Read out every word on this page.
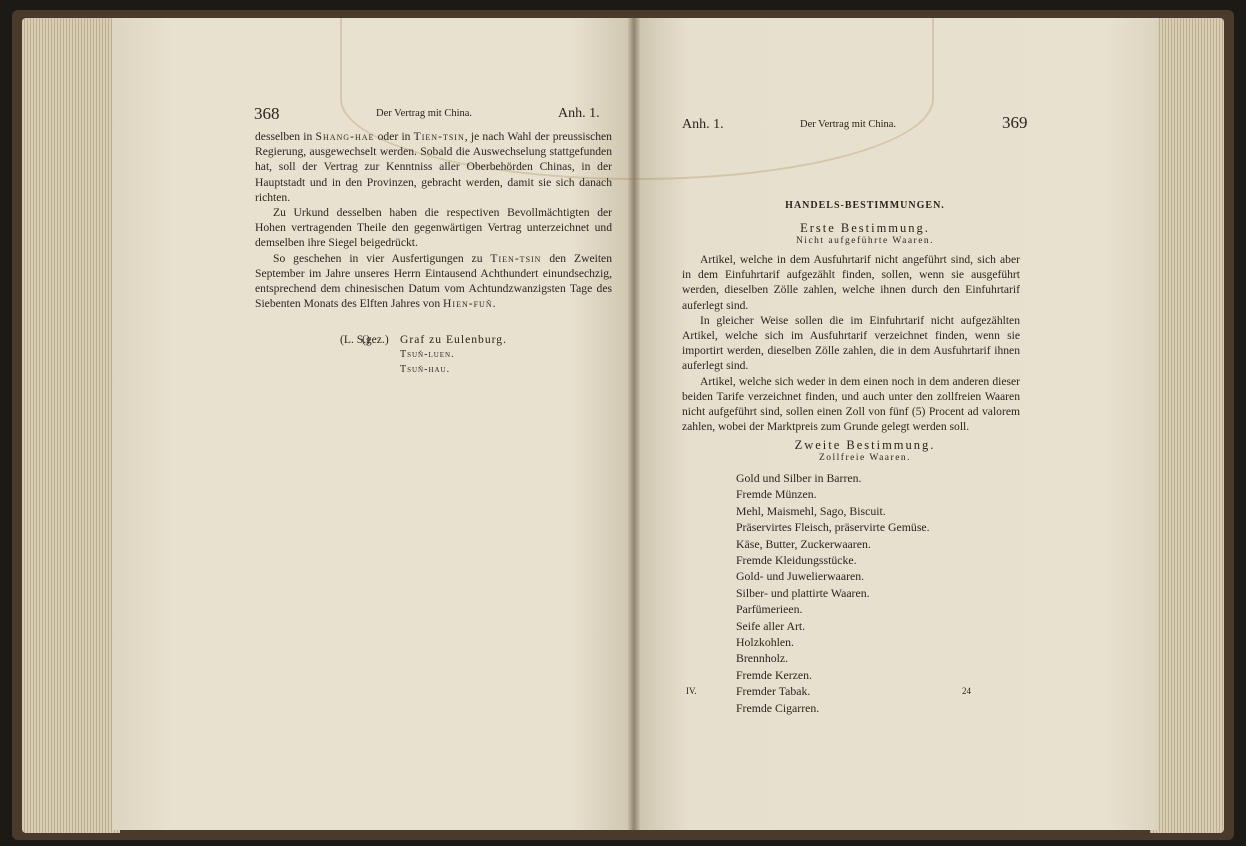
368	Der Vertrag mit China.	Anh. 1.

desselben in Shang-hae oder in Tien-tsin, je nach Wahl der preussischen Regierung, ausgewechselt werden. Sobald die Auswechselung stattgefunden hat, soll der Vertrag zur Kenntniss aller Oberbehörden Chinas, in der Hauptstadt und in den Provinzen, gebracht werden, damit sie sich danach richten.

Zu Urkund desselben haben die respectiven Bevollmächtigten der Hohen vertragenden Theile den gegenwärtigen Vertrag unterzeichnet und demselben ihre Siegel beigedrückt.

So geschehen in vier Ausfertigungen zu Tien-tsin den Zweiten September im Jahre unseres Herrn Eintausend Achthundert einundsechzig, entsprechend dem chinesischen Datum vom Achtundzwanzigsten Tage des Siebenten Monats des Elften Jahres von Hien-fuň.

(L. S.)
(gez.) Graf zu Eulenburg.
Tsuň-luen.
Tsuň-hau.
Anh. 1.	Der Vertrag mit China.	369
HANDELS-BESTIMMUNGEN.
Erste Bestimmung.
Nicht aufgeführte Waaren.

Artikel, welche in dem Ausfuhrtarif nicht angeführt sind, sich aber in dem Einfuhrtarif aufgezählt finden, sollen, wenn sie ausgeführt werden, dieselben Zölle zahlen, welche ihnen durch den Einfuhrtarif auferlegt sind.

In gleicher Weise sollen die im Einfuhrtarif nicht aufgezählten Artikel, welche sich im Ausfuhrtarif verzeichnet finden, wenn sie importirt werden, dieselben Zölle zahlen, die in dem Ausfuhrtarif ihnen auferlegt sind.

Artikel, welche sich weder in dem einen noch in dem anderen dieser beiden Tarife verzeichnet finden, und auch unter den zollfreien Waaren nicht aufgeführt sind, sollen einen Zoll von fünf (5) Procent ad valorem zahlen, wobei der Marktpreis zum Grunde gelegt werden soll.

Zweite Bestimmung.
Zollfreie Waaren.
Gold und Silber in Barren.
Fremde Münzen.
Mehl, Maismehl, Sago, Biscuit.
Präservirtes Fleisch, präservirte Gemüse.
Käse, Butter, Zuckerwaaren.
Fremde Kleidungsstücke.
Gold- und Juwelierwaaren.
Silber- und plattirte Waaren.
Parfümerieen.
Seife aller Art.
Holzkohlen.
Brennholz.
Fremde Kerzen.
Fremder Tabak.
Fremde Cigarren.
IV.	24
